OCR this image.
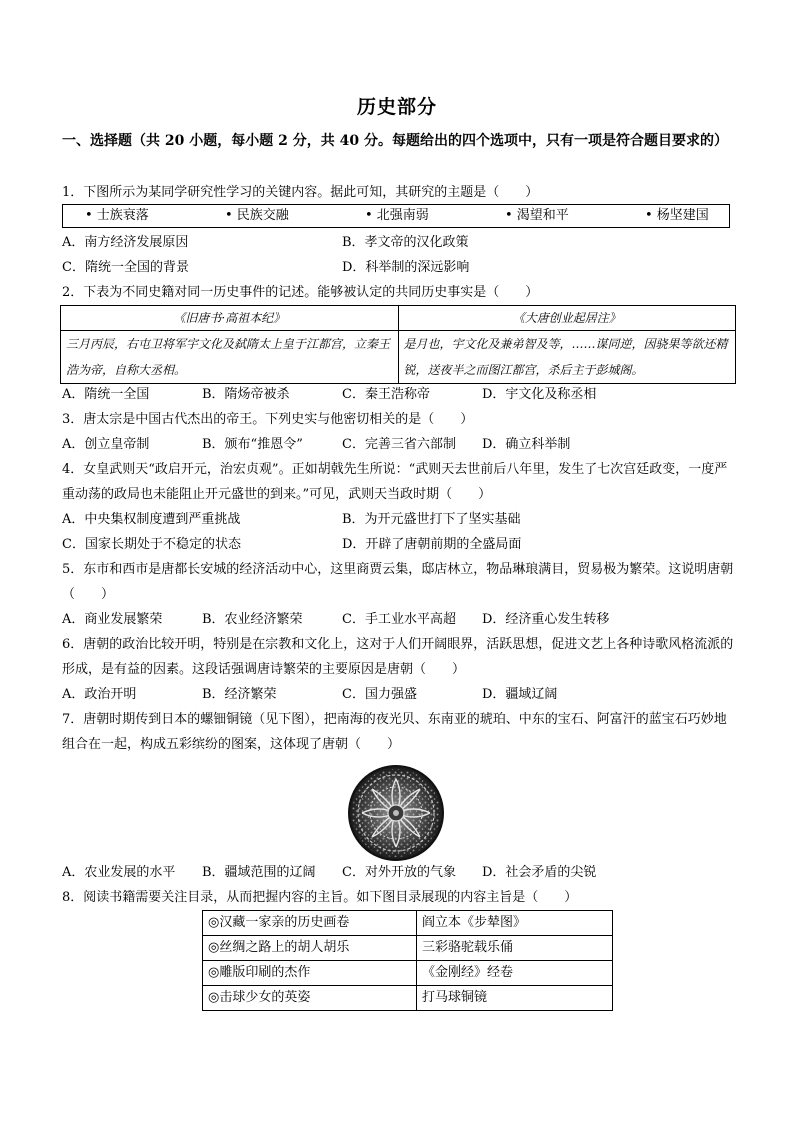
历史部分
一、选择题（共 20 小题，每小题 2 分，共 40 分。每题给出的四个选项中，只有一项是符合题目要求的）
1．下图所示为某同学研究性学习的关键内容。据此可知，其研究的主题是（　　）
• 士族衰落	• 民族交融	• 北强南弱	• 渴望和平	• 杨坚建国
A．南方经济发展原因	B．孝文帝的汉化政策
C．隋统一全国的背景	D．科举制的深远影响
2．下表为不同史籍对同一历史事件的记述。能够被认定的共同历史事实是（　　）
《旧唐书·高祖本纪》	《大唐创业起居注》
三月丙辰，右屯卫将军宇文化及弑隋太上皇于江都宫，立秦王浩为帝，自称大丞相。	是月也，宇文化及兼弟智及等，……谋同逆，因骁果等欲还精锐，送夜半之而图江都宫，杀后主于彭城阁。
A．隋统一全国	B．隋炀帝被杀	C．秦王浩称帝	D．宇文化及称丞相
3．唐太宗是中国古代杰出的帝王。下列史实与他密切相关的是（　　）
A．创立皇帝制	B．颁布“推恩令”	C．完善三省六部制 D．确立科举制
4．女皇武则天“政启开元，治宏贞观”。正如胡戟先生所说：“武则天去世前后八年里，发生了七次宫廷政变，一度严重动荡的政局也未能阻止开元盛世的到来。”可见，武则天当政时期（　　）
A．中央集权制度遭到严重挑战	B．为开元盛世打下了坚实基础
C．国家长期处于不稳定的状态	D．开辟了唐朝前期的全盛局面
5．东市和西市是唐都长安城的经济活动中心，这里商贾云集，邸店林立，物品琳琅满目，贸易极为繁荣。这说明唐朝（　　）
A．商业发展繁荣	B．农业经济繁荣	C．手工业水平高超 D．经济重心发生转移
6．唐朝的政治比较开明，特别是在宗教和文化上，这对于人们开阔眼界，活跃思想，促进文艺上各种诗歌风格流派的形成，是有益的因素。这段话强调唐诗繁荣的主要原因是唐朝（　　）
A．政治开明	B．经济繁荣	C．国力强盛	D．疆域辽阔
7．唐朝时期传到日本的螺钿铜镜（见下图），把南海的夜光贝、东南亚的琥珀、中东的宝石、阿富汗的蓝宝石巧妙地组合在一起，构成五彩缤纷的图案，这体现了唐朝（　　）
A．农业发展的水平 B．疆域范围的辽阔 C．对外开放的气象 D．社会矛盾的尖锐
8．阅读书籍需要关注目录，从而把握内容的主旨。如下图目录展现的内容主旨是（　　）
◎汉藏一家亲的历史画卷	阎立本《步辇图》
◎丝绸之路上的胡人胡乐	三彩骆驼载乐俑
◎雕版印刷的杰作	《金刚经》经卷
◎击球少女的英姿	打马球铜镜
